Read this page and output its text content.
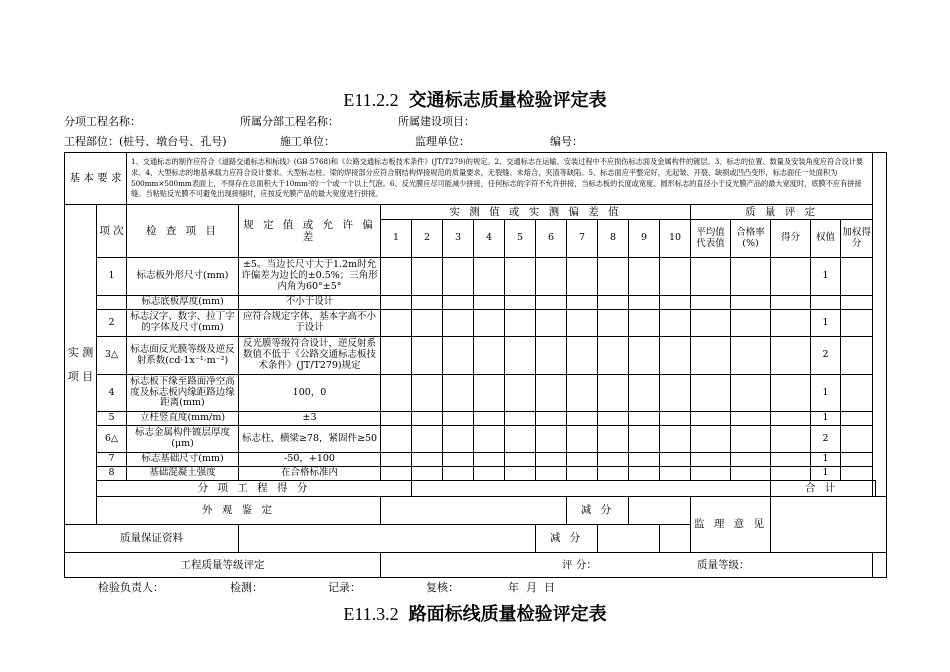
E11.2.2 交通标志质量检验评定表
分项工程名称：	所属分部工程名称：	所属建设项目：
工程部位：(桩号、墩台号、孔号)	施工单位：	监理单位：	编号：
基 本 要 求		1、交通标志的制作应符合《道路交通标志和标线》(GB 5768)和《公路交通标志板技术条件》(JT/T279)的规定。2、交通标志在运输、安装过程中不应损伤标志面及金属构件的镀层。3、标志的位置、数量及安装角度应符合设计要求。4、大型标志的地基承载力应符合设计要求。大型标志柱、梁的焊接部分应符合钢结构焊接规范的质量要求，无裂缝、未熔合，夹渣等缺陷。5、标志面应平整完好，无起皱、开裂、缺损或凹凸变形，标志面任一处面积为500mm×500mm表面上，不得存在总面积大于10mm²的一个或一个以上气泡。6、反光膜应尽可能减少拼接，任何标志的字符不允许拼接，当标志板的长度或宽度、圆形标志的直径小于反光膜产品的最大宽度时，底膜不应有拼接缝。当粘贴反光膜不可避免出现接缝时，应按反光膜产品的最大宽度进行拼接。																	
实 测 项 目	项 次	检 查 项 目	规 定 值 或 允 许 偏 差	实 测 值 或 实 测 偏 差 值										质 量 评 定					
				1	2	3	4	5	6	7	8	9	10	平均值代表值	合格率(%)	得分	权值	加权得分	
	1	标志板外形尺寸(mm)	±5。当边长尺寸大于1.2m时允许偏差为边长的±0.5%；三角形内角为60°±5°														1		
		标志底板厚度(mm)	不小于设计																
	2	标志汉字、数字、拉丁字的字体及尺寸(mm)	应符合规定字体，基本字高不小于设计														1		
	3△	标志面反光膜等级及逆反射系数(cd·1x⁻¹·m⁻²)	反光膜等级符合设计，逆反射系数值不低于《公路交通标志板技术条件》(JT/T279)规定														2		
	4	标志板下缘至路面净空高度及标志板内缘距路边缘距离(mm)	100，0														1		
	5	立柱竖直度(mm/m)	±3														1		
	6△	标志金属构件镀层厚度(μm)	标志柱、横梁≥78，紧固件≥50														2		
	7	标志基础尺寸(mm)	-50，+100														1		
	8	基础混凝土强度	在合格标准内														1		
	分 项 工 程 得 分															合 计			
	外 观 鉴 定									减 分				监 理 意 见					
质量保证资料									减 分										
工程质量等级评定				评 分： 质量等级：															
检验负责人：	检测：	记录：	复核：	年  月  日
E11.3.2 路面标线质量检验评定表
